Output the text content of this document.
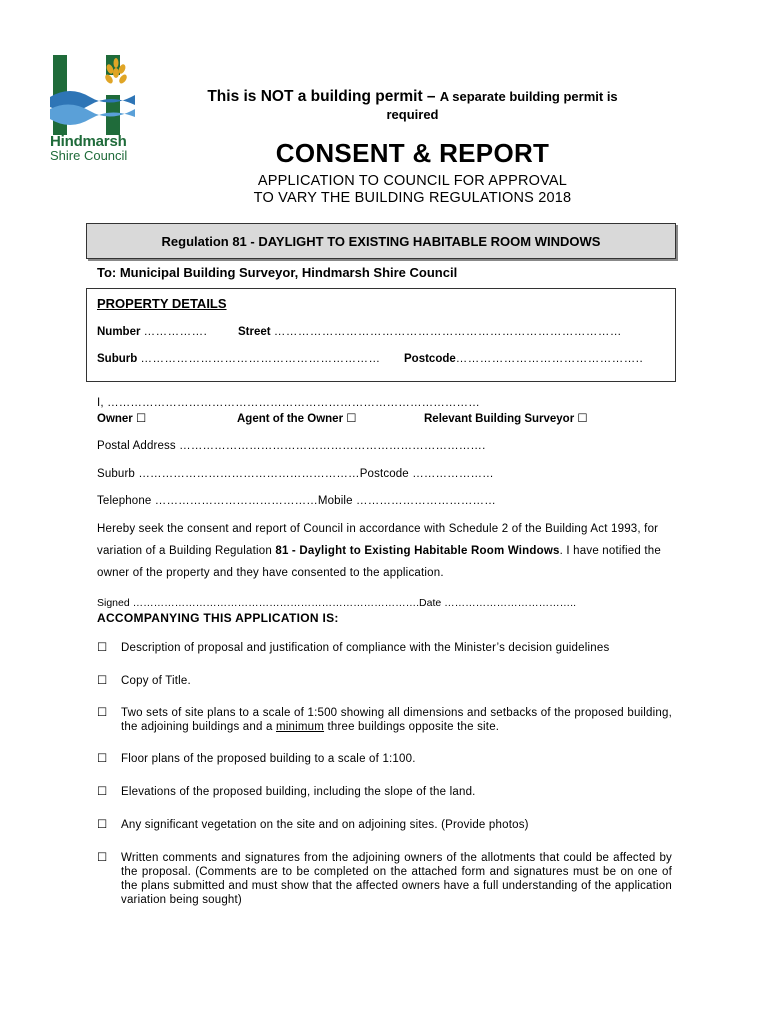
Hindmarsh
Shire Council
This is NOT a building permit – A separate building permit is
required
CONSENT & REPORT
APPLICATION TO COUNCIL FOR APPROVAL
TO VARY THE BUILDING REGULATIONS 2018
Regulation 81 - DAYLIGHT TO EXISTING HABITABLE ROOM WINDOWS
To: Municipal Building Surveyor, Hindmarsh Shire Council
PROPERTY DETAILS
Number …………….	Street ……………………………………………………………………………
Suburb …………………………………………………… Postcode………………………………………..
I, ……………………………………………………………………………………
Owner ☐	Agent of the Owner ☐	Relevant Building Surveyor ☐
Postal Address …………………………………………………………………….
Suburb …………………………………………………Postcode …………………
Telephone ……………………………………Mobile ………………………………
Hereby seek the consent and report of Council in accordance with Schedule 2 of the Building Act 1993, for variation of a Building Regulation 81 - Daylight to Existing Habitable Room Windows. I have notified the owner of the property and they have consented to the application.
Signed ……………………………………………………………………….Date ………………………………..
ACCOMPANYING THIS APPLICATION IS:
☐	Description of proposal and justification of compliance with the Minister’s decision guidelines
☐	Copy of Title.
☐	Two sets of site plans to a scale of 1:500 showing all dimensions and setbacks of the proposed building, the adjoining buildings and a minimum three buildings opposite the site.
☐	Floor plans of the proposed building to a scale of 1:100.
☐	Elevations of the proposed building, including the slope of the land.
☐	Any significant vegetation on the site and on adjoining sites. (Provide photos)
☐	Written comments and signatures from the adjoining owners of the allotments that could be affected by the proposal. (Comments are to be completed on the attached form and signatures must be on one of the plans submitted and must show that the affected owners have a full understanding of the application variation being sought)
